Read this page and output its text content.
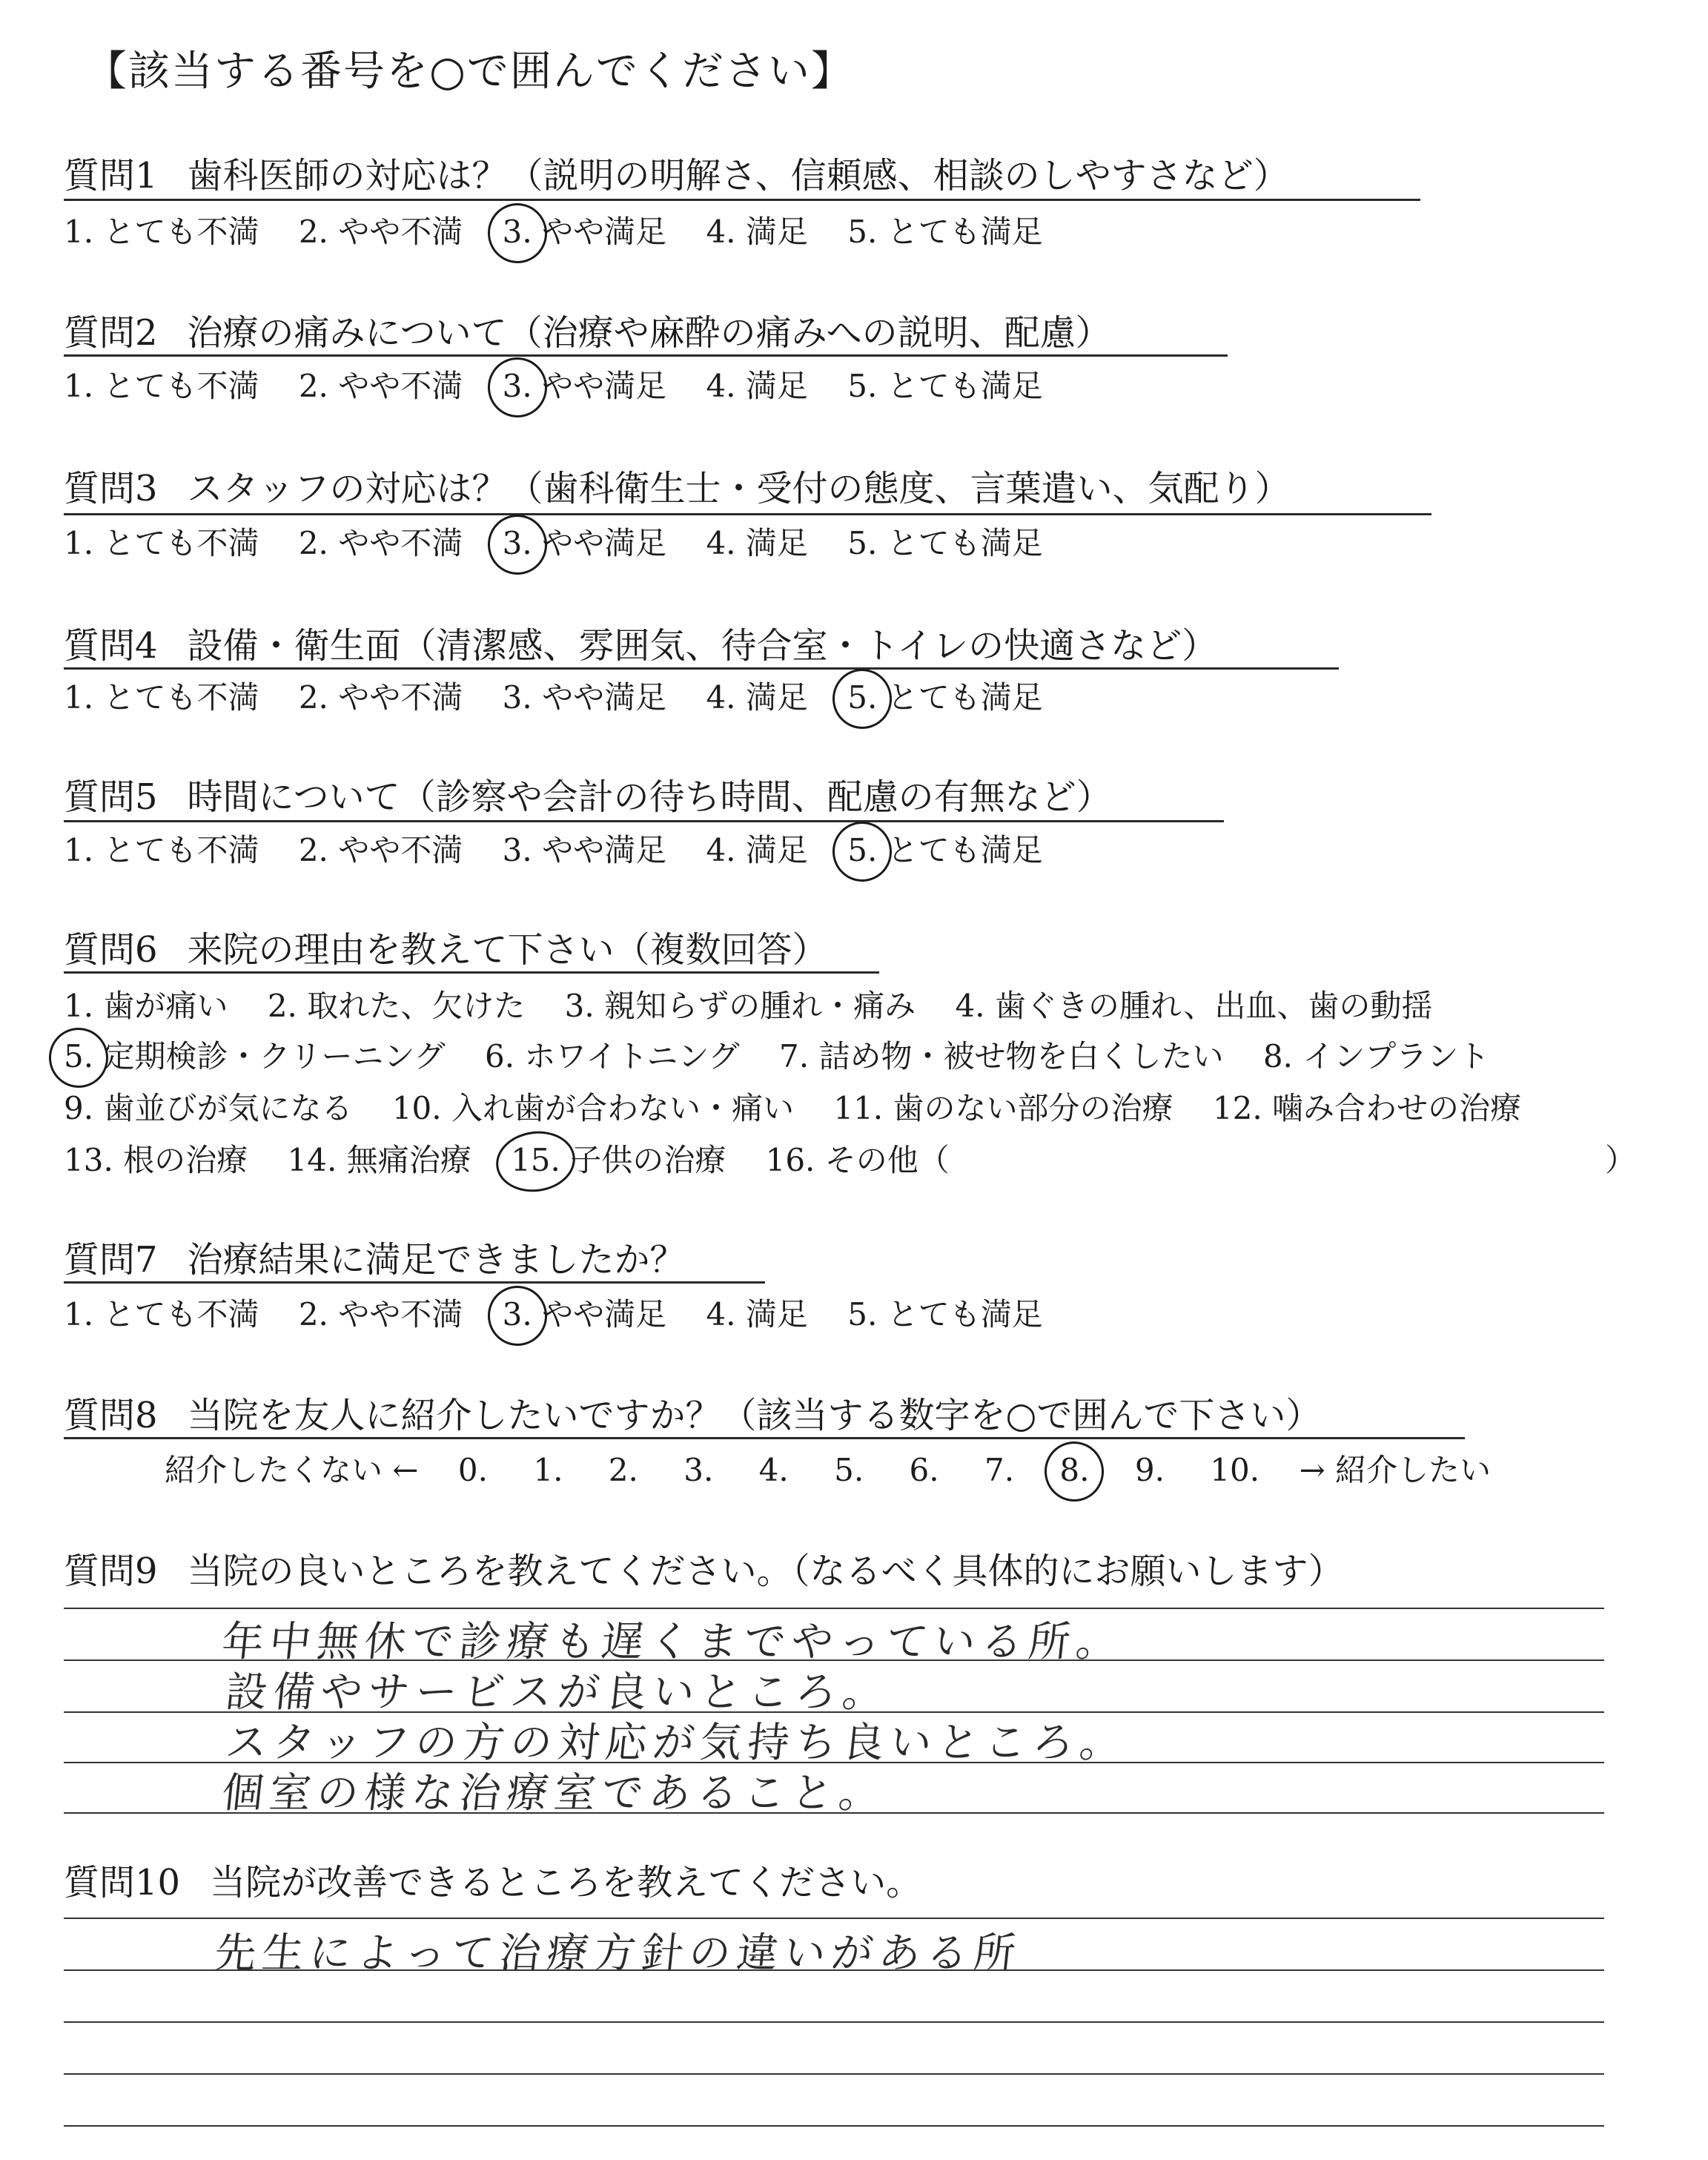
【該当する番号を○で囲んでください】
質問1 歯科医師の対応は？（説明の明解さ、信頼感、相談のしやすさなど）
1. とても不満 2. やや不満 3. やや満足 4. 満足 5. とても満足
質問2 治療の痛みについて（治療や麻酔の痛みへの説明、配慮）
1. とても不満 2. やや不満 3. やや満足 4. 満足 5. とても満足
質問3 スタッフの対応は？（歯科衛生士・受付の態度、言葉遣い、気配り）
1. とても不満 2. やや不満 3. やや満足 4. 満足 5. とても満足
質問4 設備・衛生面（清潔感、雰囲気、待合室・トイレの快適さなど）
1. とても不満 2. やや不満 3. やや満足 4. 満足 5. とても満足
質問5 時間について（診察や会計の待ち時間、配慮の有無など）
1. とても不満 2. やや不満 3. やや満足 4. 満足 5. とても満足
質問6 来院の理由を教えて下さい（複数回答）
1. 歯が痛い 2. 取れた、欠けた 3. 親知らずの腫れ・痛み 4. 歯ぐきの腫れ、出血、歯の動揺
5. 定期検診・クリーニング 6. ホワイトニング 7. 詰め物・被せ物を白くしたい 8. インプラント
9. 歯並びが気になる 10. 入れ歯が合わない・痛い 11. 歯のない部分の治療 12. 噛み合わせの治療
13. 根の治療 14. 無痛治療 15. 子供の治療 16. その他（	）
質問7 治療結果に満足できましたか？
1. とても不満 2. やや不満 3. やや満足 4. 満足 5. とても満足
質問8 当院を友人に紹介したいですか？（該当する数字を○で囲んで下さい）
紹介したくない ← 0. 1. 2. 3. 4. 5. 6. 7. 8. 9. 10. → 紹介したい
質問9 当院の良いところを教えてください。（なるべく具体的にお願いします）
年中無休で診療も遅くまでやっている所。
設備やサービスが良いところ。
スタッフの方の対応が気持ち良いところ。
個室の様な治療室であること。
質問10 当院が改善できるところを教えてください。
先生によって治療方針の違いがある所
